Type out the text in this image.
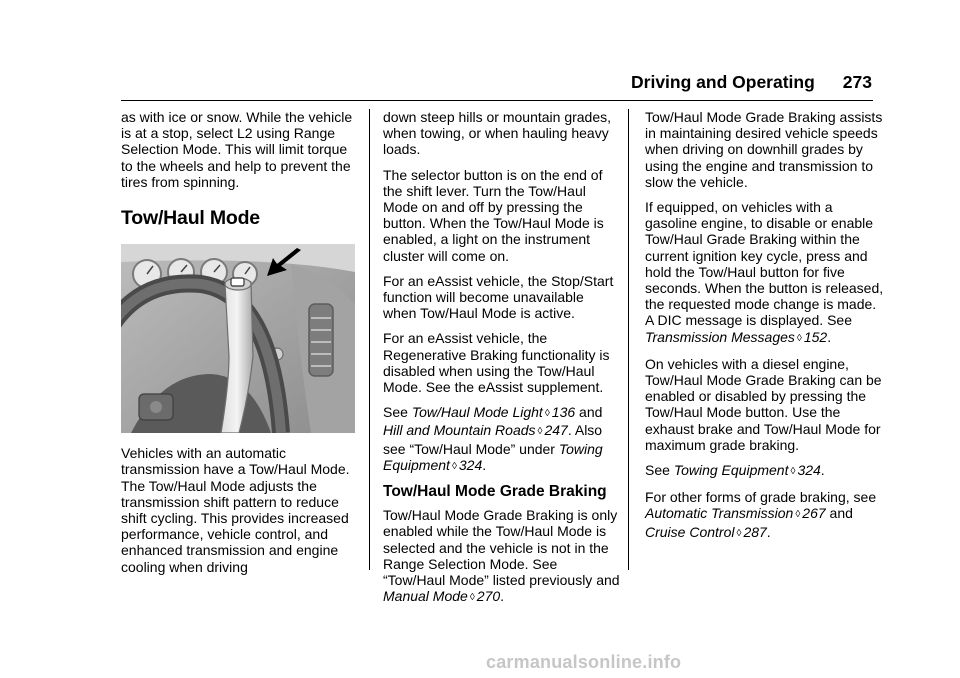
Driving and Operating 273

as with ice or snow. While the vehicle is at a stop, select L2 using Range Selection Mode. This will limit torque to the wheels and help to prevent the tires from spinning.

Tow/Haul Mode

Vehicles with an automatic transmission have a Tow/Haul Mode. The Tow/Haul Mode adjusts the transmission shift pattern to reduce shift cycling. This provides increased performance, vehicle control, and enhanced transmission and engine cooling when driving

down steep hills or mountain grades, when towing, or when hauling heavy loads.

The selector button is on the end of the shift lever. Turn the Tow/Haul Mode on and off by pressing the button. When the Tow/Haul Mode is enabled, a light on the instrument cluster will come on.

For an eAssist vehicle, the Stop/Start function will become unavailable when Tow/Haul Mode is active.

For an eAssist vehicle, the Regenerative Braking functionality is disabled when using the Tow/Haul Mode. See the eAssist supplement.

See Tow/Haul Mode Light ◊ 136 and Hill and Mountain Roads ◊ 247. Also see “Tow/Haul Mode” under Towing Equipment ◊ 324.

Tow/Haul Mode Grade Braking

Tow/Haul Mode Grade Braking is only enabled while the Tow/Haul Mode is selected and the vehicle is not in the Range Selection Mode. See “Tow/Haul Mode” listed previously and Manual Mode ◊ 270.

Tow/Haul Mode Grade Braking assists in maintaining desired vehicle speeds when driving on downhill grades by using the engine and transmission to slow the vehicle.

If equipped, on vehicles with a gasoline engine, to disable or enable Tow/Haul Grade Braking within the current ignition key cycle, press and hold the Tow/Haul button for five seconds. When the button is released, the requested mode change is made. A DIC message is displayed. See Transmission Messages ◊ 152.

On vehicles with a diesel engine, Tow/Haul Mode Grade Braking can be enabled or disabled by pressing the Tow/Haul Mode button. Use the exhaust brake and Tow/Haul Mode for maximum grade braking.

See Towing Equipment ◊ 324.

For other forms of grade braking, see Automatic Transmission ◊ 267 and Cruise Control ◊ 287.

carmanualsonline.info
